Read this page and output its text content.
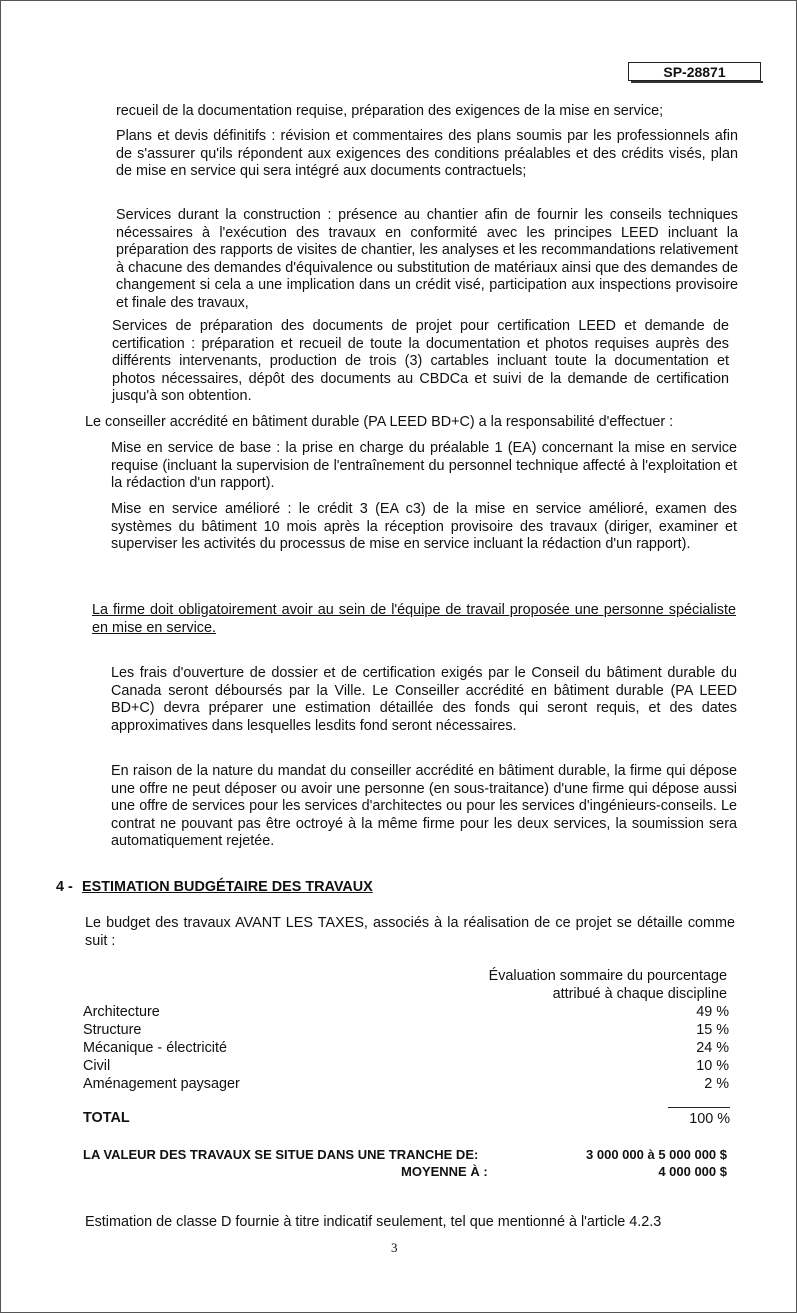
SP-28871

recueil de la documentation requise, préparation des exigences de la mise en service;

Plans et devis définitifs : révision et commentaires des plans soumis par les professionnels afin de s'assurer qu'ils répondent aux exigences des conditions préalables et des crédits visés, plan de mise en service qui sera intégré aux documents contractuels;

Services durant la construction : présence au chantier afin de fournir les conseils techniques nécessaires à l'exécution des travaux en conformité avec les principes LEED incluant la préparation des rapports de visites de chantier, les analyses et les recommandations relativement à chacune des demandes d'équivalence ou substitution de matériaux ainsi que des demandes de changement si cela a une implication dans un crédit visé, participation aux inspections provisoire et finale des travaux,

Services de préparation des documents de projet pour certification LEED et demande de certification : préparation et recueil de toute la documentation et photos requises auprès des différents intervenants, production de trois (3) cartables incluant toute la documentation et photos nécessaires, dépôt des documents au CBDCa et suivi de la demande de certification jusqu'à son obtention.

Le conseiller accrédité en bâtiment durable (PA LEED BD+C) a la responsabilité d'effectuer :

Mise en service de base : la prise en charge du préalable 1 (EA) concernant la mise en service requise (incluant la supervision de l'entraînement du personnel technique affecté à l'exploitation et la rédaction d'un rapport).

Mise en service amélioré : le crédit 3 (EA c3) de la mise en service amélioré, examen des systèmes du bâtiment 10 mois après la réception provisoire des travaux (diriger, examiner et superviser les activités du processus de mise en service incluant la rédaction d'un rapport).

La firme doit obligatoirement avoir au sein de l'équipe de travail proposée une personne spécialiste en mise en service.

Les frais d'ouverture de dossier et de certification exigés par le Conseil du bâtiment durable du Canada seront déboursés par la Ville. Le Conseiller accrédité en bâtiment durable (PA LEED BD+C) devra préparer une estimation détaillée des fonds qui seront requis, et des dates approximatives dans lesquelles lesdits fond seront nécessaires.

En raison de la nature du mandat du conseiller accrédité en bâtiment durable, la firme qui dépose une offre ne peut déposer ou avoir une personne (en sous-traitance) d'une firme qui dépose aussi une offre de services pour les services d'architectes ou pour les services d'ingénieurs-conseils. Le contrat ne pouvant pas être octroyé à la même firme pour les deux services, la soumission sera automatiquement rejetée.

4 - ESTIMATION BUDGÉTAIRE DES TRAVAUX

Le budget des travaux AVANT LES TAXES, associés à la réalisation de ce projet se détaille comme suit :

Évaluation sommaire du pourcentage
attribué à chaque discipline
Architecture	49 %
Structure	15 %
Mécanique - électricité	24 %
Civil	10 %
Aménagement paysager	2 %
TOTAL	100 %
LA VALEUR DES TRAVAUX SE SITUE DANS UNE TRANCHE DE:	3 000 000 à 5 000 000 $
MOYENNE À :	4 000 000 $

Estimation de classe D fournie à titre indicatif seulement, tel que mentionné à l'article 4.2.3

3
